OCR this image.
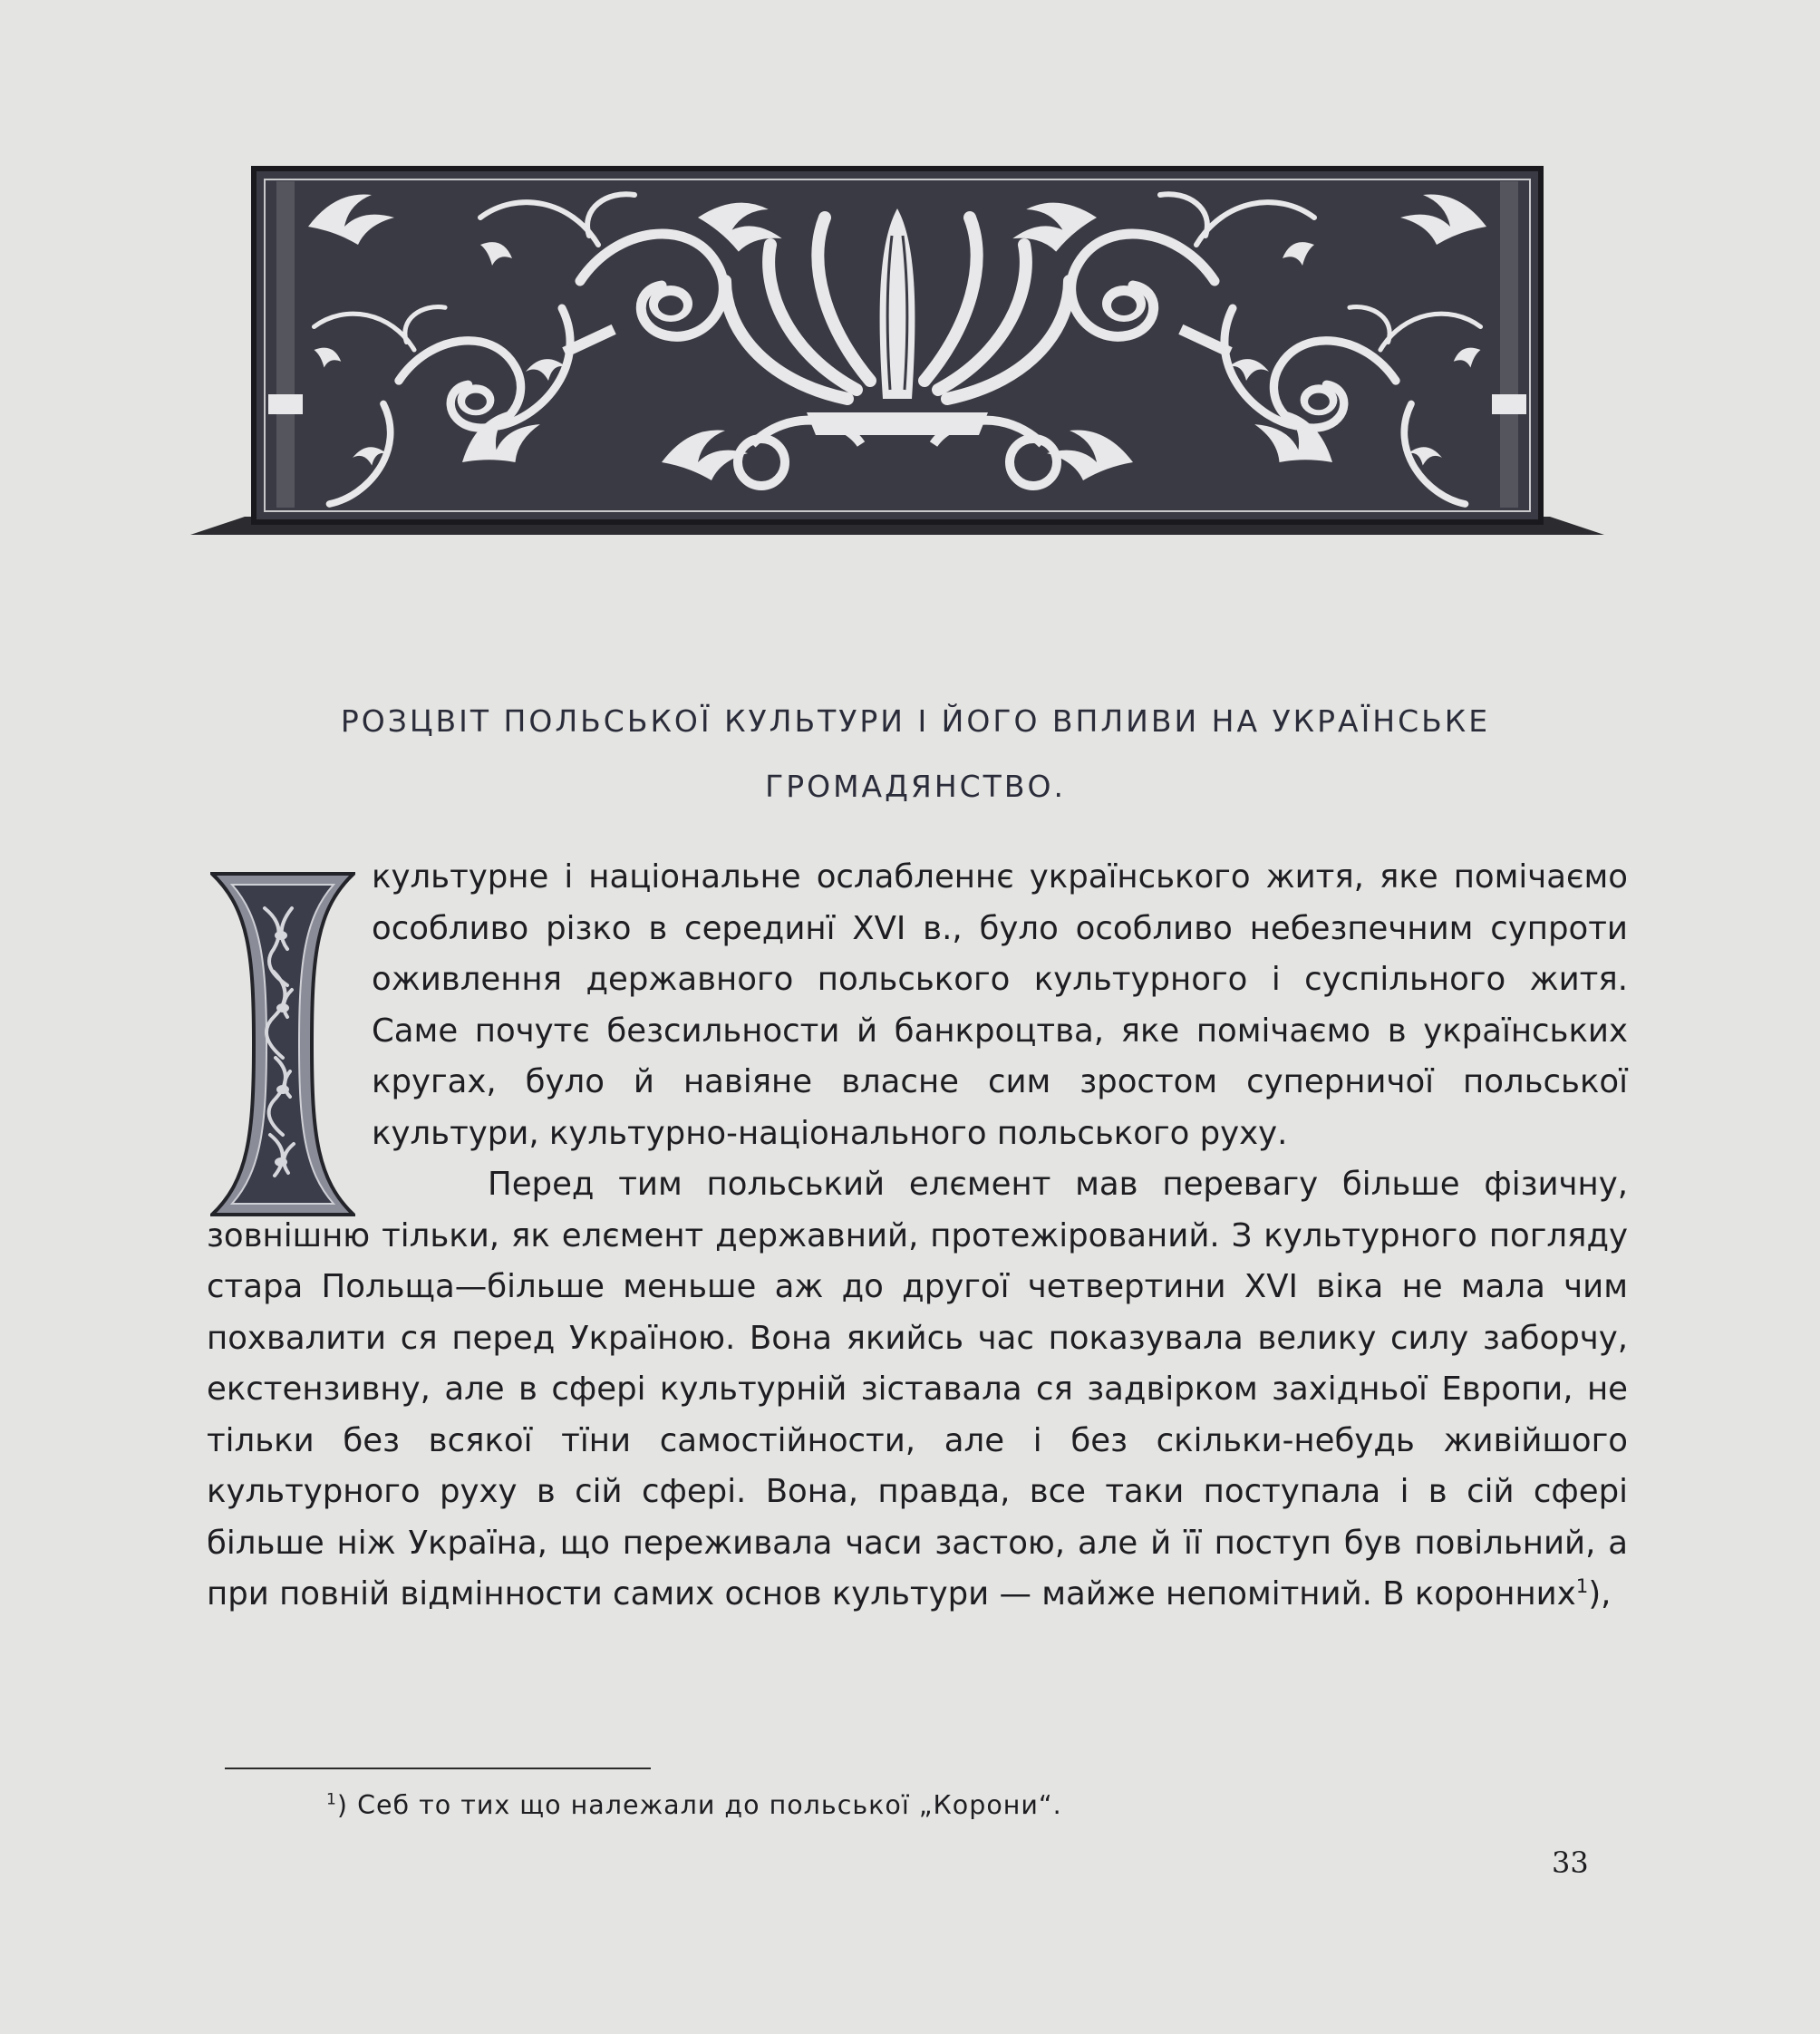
РОЗЦВІТ ПОЛЬСЬКОЇ КУЛЬТУРИ І ЙОГО ВПЛИВИ НА УКРАЇНСЬКЕ
ГРОМАДЯНСТВО.

культурне і національне ослабленнє українського житя, яке помічаємо особливо різко в серединї XVI в., було особливо небезпечним супроти оживлення державного польського культурного і суспільного житя. Саме почутє безсильности й банкроцтва, яке помічаємо в українських кругах, було й навіяне власне сим зростом суперничої польської культури, культурно-національного польського руху.

Перед тим польський елємент мав перевагу більше фізичну, зовнішню тільки, як елємент державний, протежірований. З культурного погляду стара Польща—більше меньше аж до другої четвертини XVI віка не мала чим похвалити ся перед Україною. Вона якийсь час показувала велику силу заборчу, екстензивну, але в сфері культурній зіставала ся задвірком західньої Европи, не тільки без всякої тїни самостійности, але і без скільки-небудь живійшого культурного руху в сій сфері. Вона, правда, все таки поступала і в сій сфері більше ніж Україна, що переживала часи застою, але й її поступ був повільний, а при повній відмінности самих основ культури — майже непомітний. В коронних$^1$),

$^1$) Себ то тих що належали до польської „Корони“.

33
